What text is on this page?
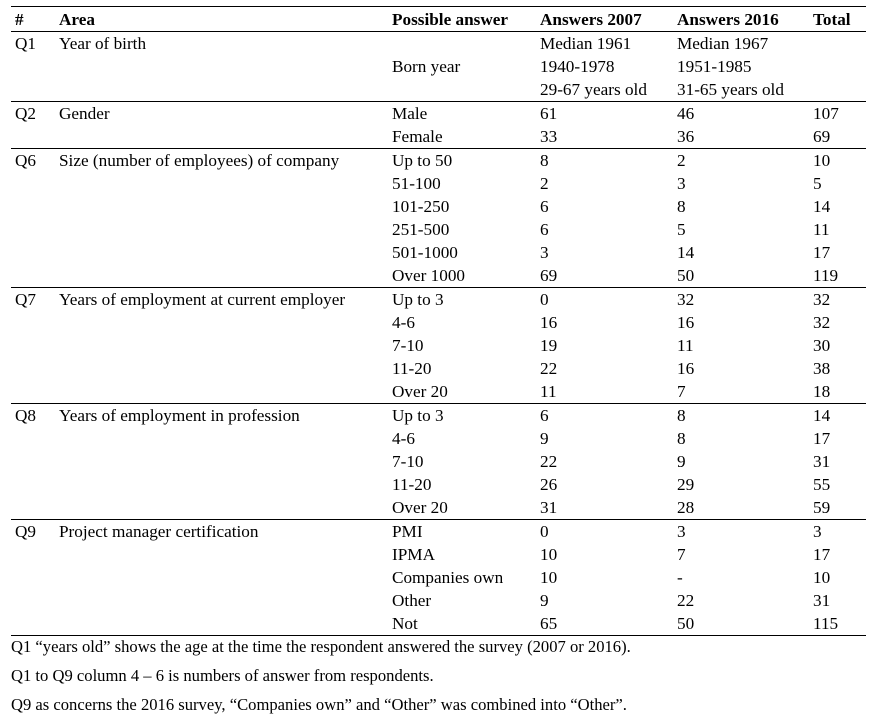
#	Area	Possible answer	Answers 2007	Answers 2016	Total
Q1	Year of birth		Median 1961	Median 1967	
		Born year	1940-1978	1951-1985	
			29-67 years old	31-65 years old	
Q2	Gender	Male	61	46	107
		Female	33	36	69
Q6	Size (number of employees) of company	Up to 50	8	2	10
		51-100	2	3	5
		101-250	6	8	14
		251-500	6	5	11
		501-1000	3	14	17
		Over 1000	69	50	119
Q7	Years of employment at current employer	Up to 3	0	32	32
		4-6	16	16	32
		7-10	19	11	30
		11-20	22	16	38
		Over 20	11	7	18
Q8	Years of employment in profession	Up to 3	6	8	14
		4-6	9	8	17
		7-10	22	9	31
		11-20	26	29	55
		Over 20	31	28	59
Q9	Project manager certification	PMI	0	3	3
		IPMA	10	7	17
		Companies own	10	-	10
		Other	9	22	31
		Not	65	50	115
Q1 “years old” shows the age at the time the respondent answered the survey (2007 or 2016).
Q1 to Q9 column 4 – 6 is numbers of answer from respondents.
Q9 as concerns the 2016 survey, “Companies own” and “Other” was combined into “Other”.
